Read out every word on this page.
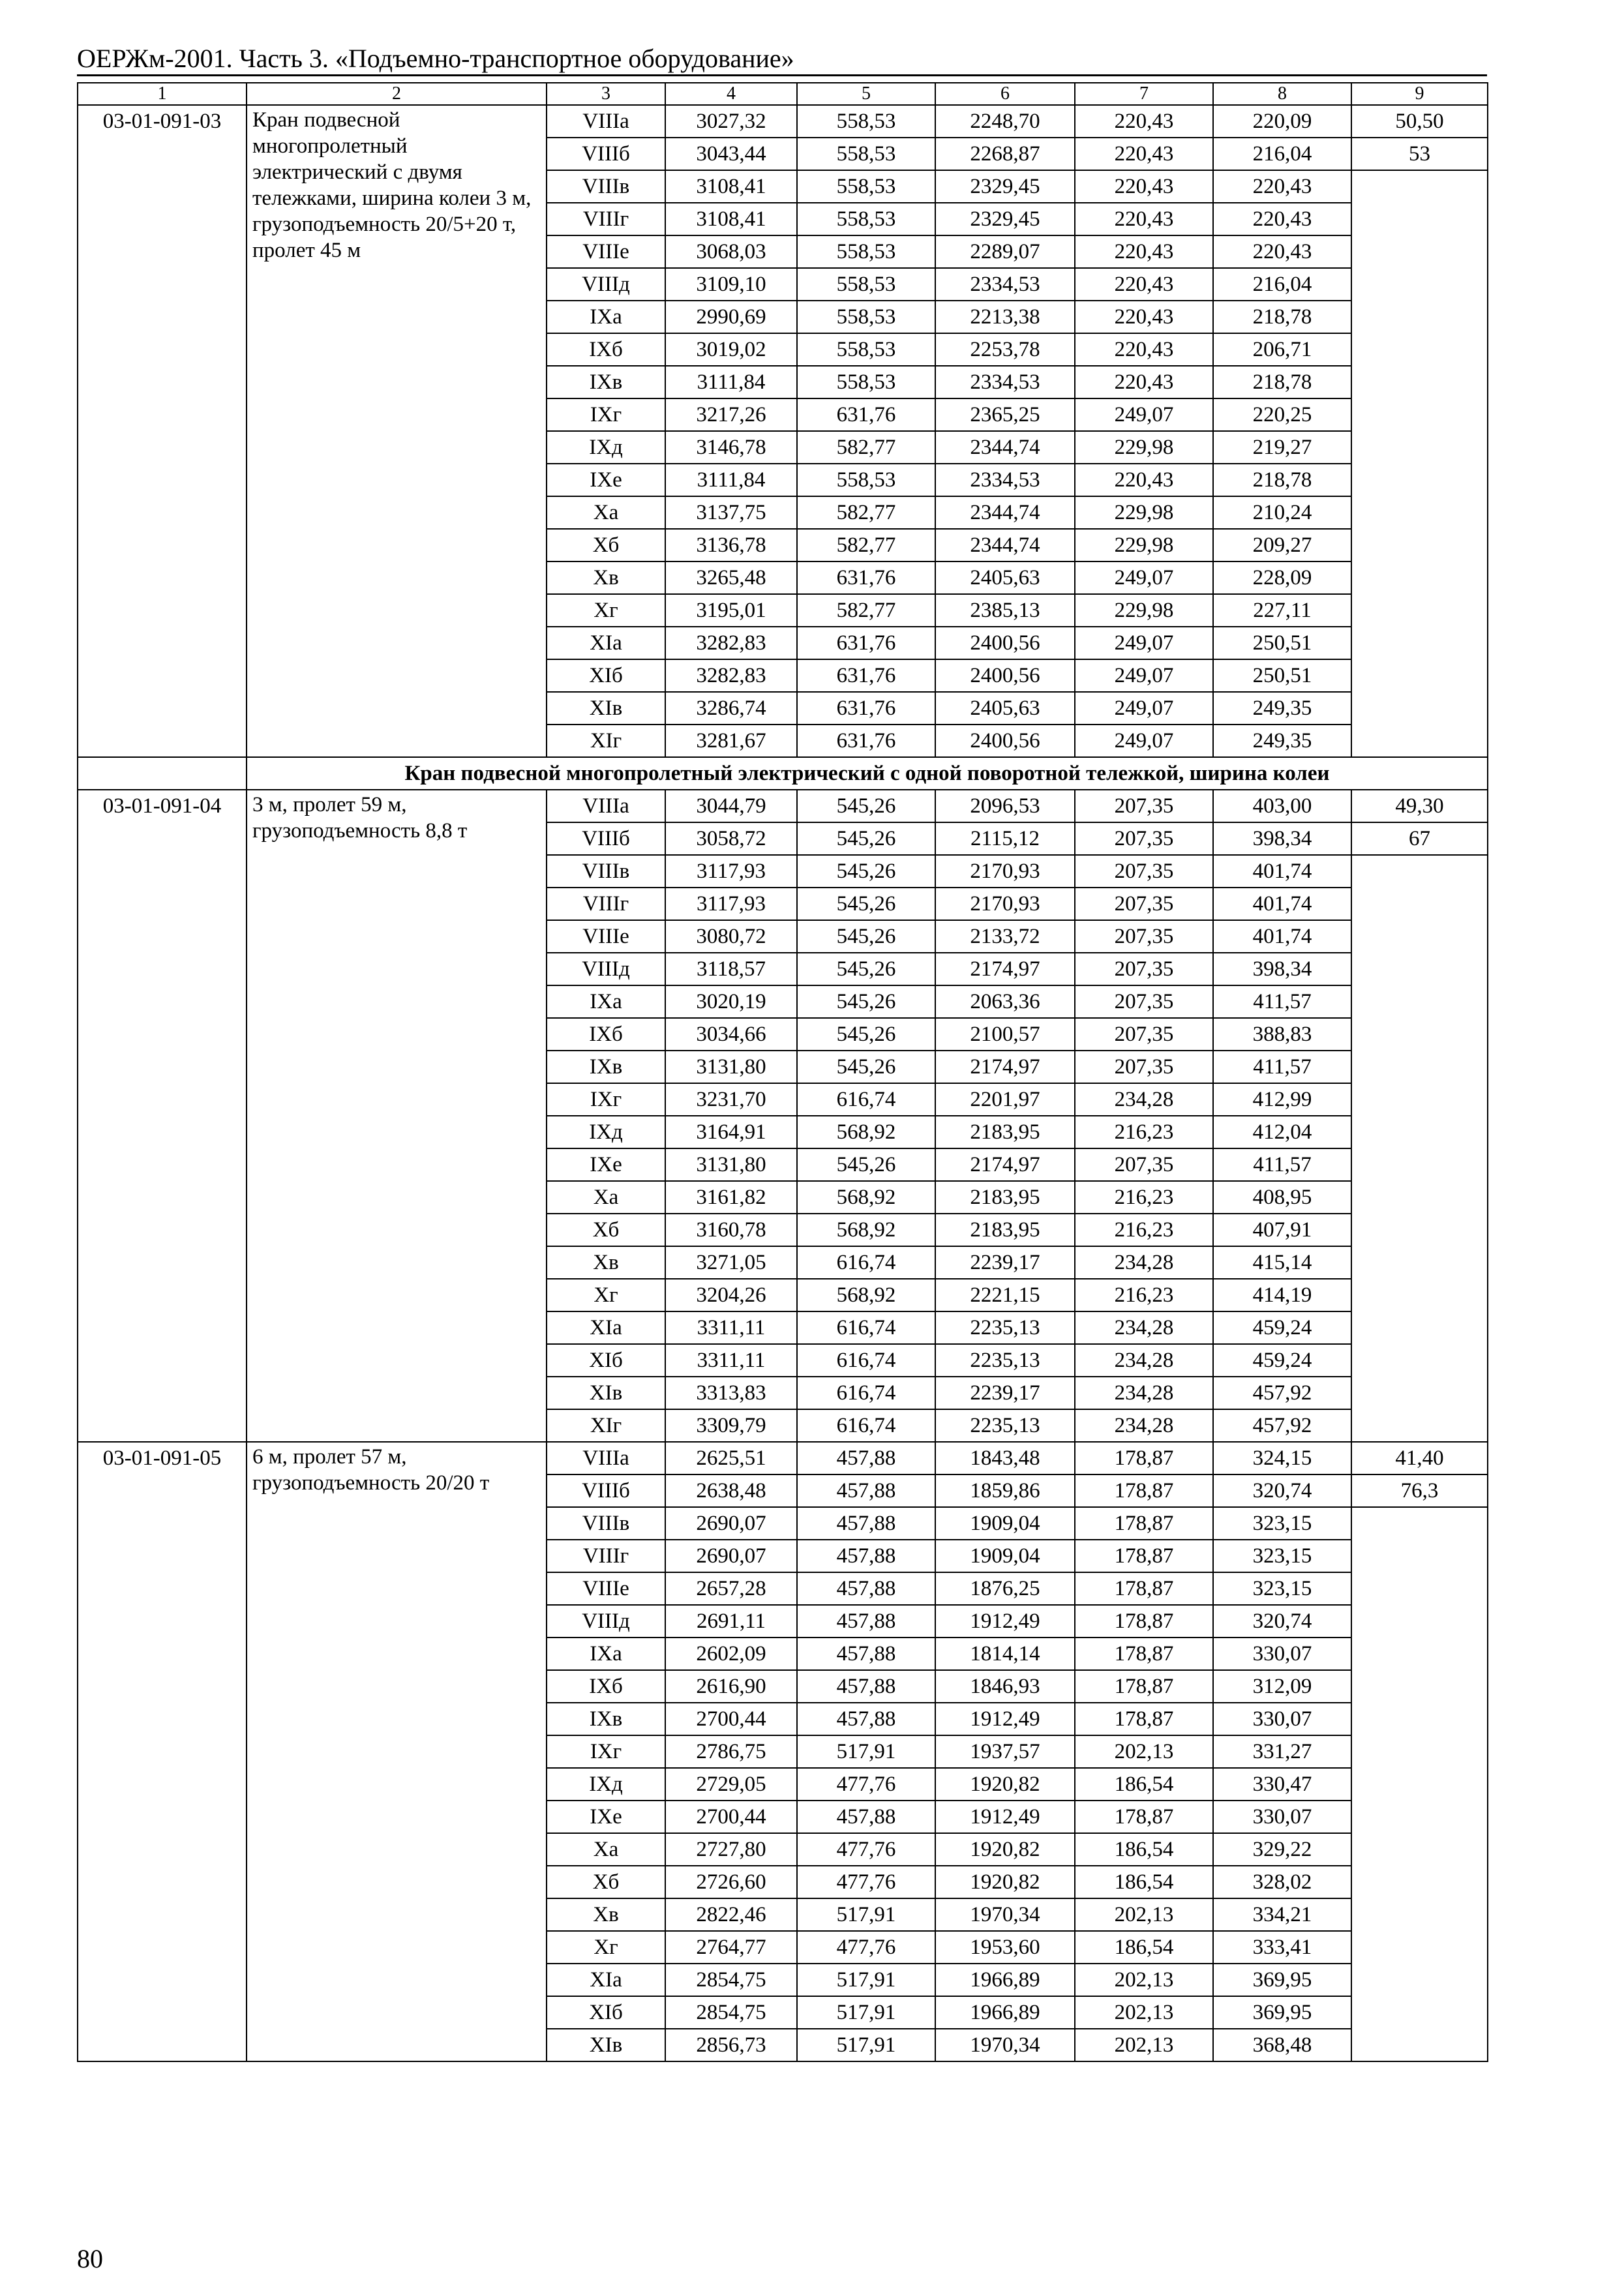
ОЕРЖм-2001. Часть 3. «Подъемно-транспортное оборудование»
1	2	3	4	5	6	7	8	9
03-01-091-03	Кран подвесной многопролетный электрический с двумя тележками, ширина колеи 3 м, грузоподъемность 20/5+20 т, пролет 45 м	VIIIа	3027,32	558,53	2248,70	220,43	220,09	50,50
		VIIIб	3043,44	558,53	2268,87	220,43	216,04	53
		VIIIв	3108,41	558,53	2329,45	220,43	220,43	
		VIIIг	3108,41	558,53	2329,45	220,43	220,43	
		VIIIе	3068,03	558,53	2289,07	220,43	220,43	
		VIIIд	3109,10	558,53	2334,53	220,43	216,04	
		IXа	2990,69	558,53	2213,38	220,43	218,78	
		IXб	3019,02	558,53	2253,78	220,43	206,71	
		IXв	3111,84	558,53	2334,53	220,43	218,78	
		IXг	3217,26	631,76	2365,25	249,07	220,25	
		IXд	3146,78	582,77	2344,74	229,98	219,27	
		IXе	3111,84	558,53	2334,53	220,43	218,78	
		Xа	3137,75	582,77	2344,74	229,98	210,24	
		Xб	3136,78	582,77	2344,74	229,98	209,27	
		Xв	3265,48	631,76	2405,63	249,07	228,09	
		Xг	3195,01	582,77	2385,13	229,98	227,11	
		XIа	3282,83	631,76	2400,56	249,07	250,51	
		XIб	3282,83	631,76	2400,56	249,07	250,51	
		XIв	3286,74	631,76	2405,63	249,07	249,35	
		XIг	3281,67	631,76	2400,56	249,07	249,35	
	Кран подвесной многопролетный электрический с одной поворотной тележкой, ширина колеи							
03-01-091-04	3 м, пролет 59 м, грузоподъемность 8,8 т	VIIIа	3044,79	545,26	2096,53	207,35	403,00	49,30
		VIIIб	3058,72	545,26	2115,12	207,35	398,34	67
		VIIIв	3117,93	545,26	2170,93	207,35	401,74	
		VIIIг	3117,93	545,26	2170,93	207,35	401,74	
		VIIIе	3080,72	545,26	2133,72	207,35	401,74	
		VIIIд	3118,57	545,26	2174,97	207,35	398,34	
		IXа	3020,19	545,26	2063,36	207,35	411,57	
		IXб	3034,66	545,26	2100,57	207,35	388,83	
		IXв	3131,80	545,26	2174,97	207,35	411,57	
		IXг	3231,70	616,74	2201,97	234,28	412,99	
		IXд	3164,91	568,92	2183,95	216,23	412,04	
		IXе	3131,80	545,26	2174,97	207,35	411,57	
		Xа	3161,82	568,92	2183,95	216,23	408,95	
		Xб	3160,78	568,92	2183,95	216,23	407,91	
		Xв	3271,05	616,74	2239,17	234,28	415,14	
		Xг	3204,26	568,92	2221,15	216,23	414,19	
		XIа	3311,11	616,74	2235,13	234,28	459,24	
		XIб	3311,11	616,74	2235,13	234,28	459,24	
		XIв	3313,83	616,74	2239,17	234,28	457,92	
		XIг	3309,79	616,74	2235,13	234,28	457,92	
03-01-091-05	6 м, пролет 57 м, грузоподъемность 20/20 т	VIIIа	2625,51	457,88	1843,48	178,87	324,15	41,40
		VIIIб	2638,48	457,88	1859,86	178,87	320,74	76,3
		VIIIв	2690,07	457,88	1909,04	178,87	323,15	
		VIIIг	2690,07	457,88	1909,04	178,87	323,15	
		VIIIе	2657,28	457,88	1876,25	178,87	323,15	
		VIIIд	2691,11	457,88	1912,49	178,87	320,74	
		IXа	2602,09	457,88	1814,14	178,87	330,07	
		IXб	2616,90	457,88	1846,93	178,87	312,09	
		IXв	2700,44	457,88	1912,49	178,87	330,07	
		IXг	2786,75	517,91	1937,57	202,13	331,27	
		IXд	2729,05	477,76	1920,82	186,54	330,47	
		IXе	2700,44	457,88	1912,49	178,87	330,07	
		Xа	2727,80	477,76	1920,82	186,54	329,22	
		Xб	2726,60	477,76	1920,82	186,54	328,02	
		Xв	2822,46	517,91	1970,34	202,13	334,21	
		Xг	2764,77	477,76	1953,60	186,54	333,41	
		XIа	2854,75	517,91	1966,89	202,13	369,95	
		XIб	2854,75	517,91	1966,89	202,13	369,95	
		XIв	2856,73	517,91	1970,34	202,13	368,48	
80
